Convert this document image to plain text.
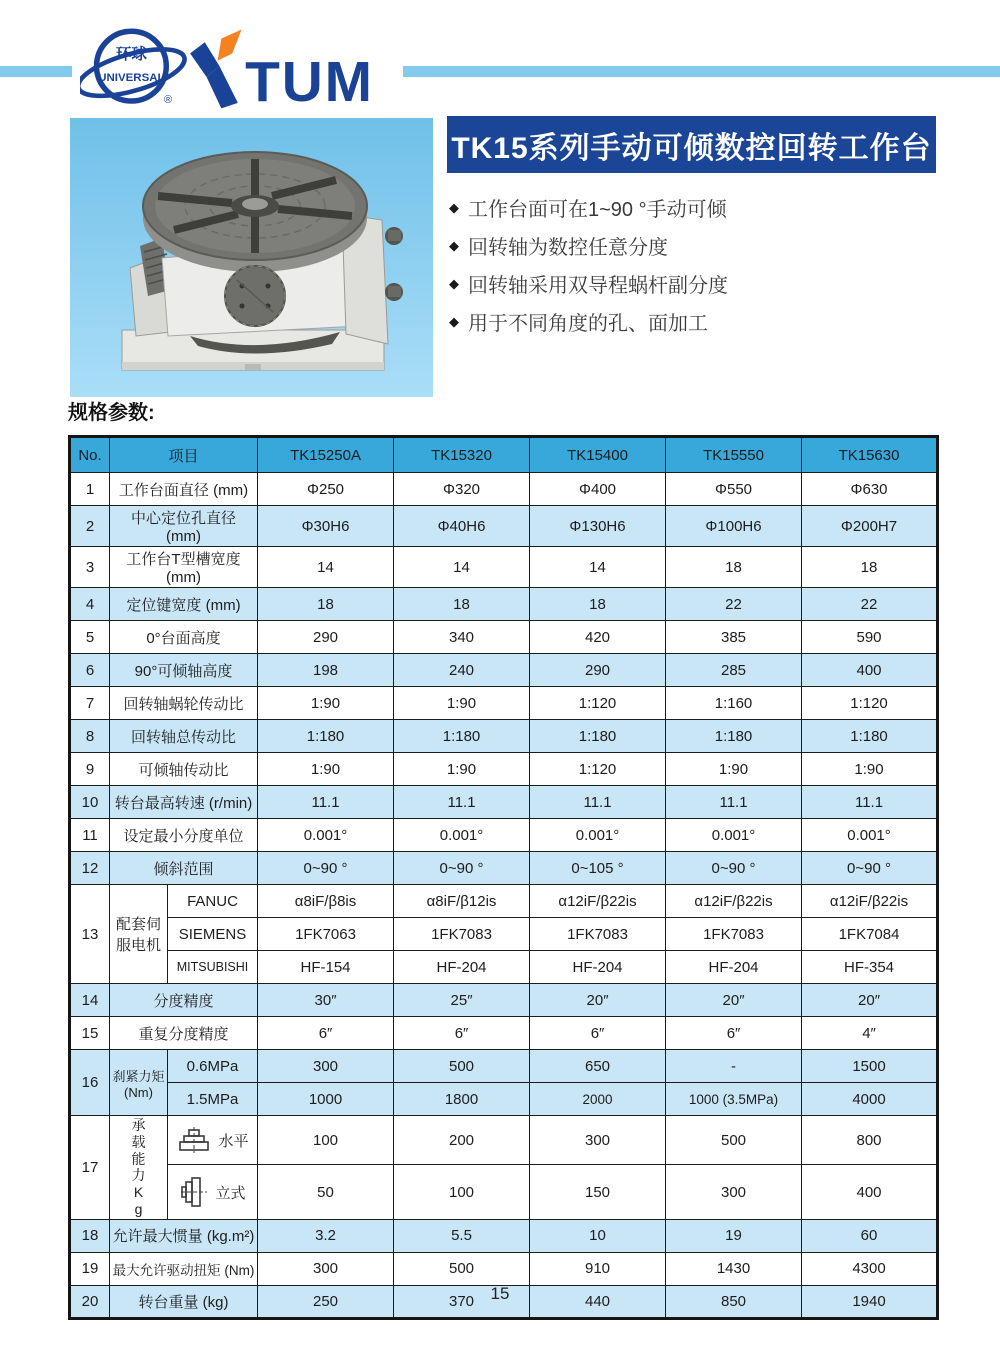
环球
UNIVERSAL
® TUM
TK15系列手动可倾数控回转工作台
◆ 工作台面可在1~90 °手动可倾
◆ 回转轴为数控任意分度
◆ 回转轴采用双导程蜗杆副分度
◆ 用于不同角度的孔、面加工
规格参数:
No.	项目		TK15250A	TK15320	TK15400	TK15550	TK15630
1	工作台面直径 (mm)		Φ250	Φ320	Φ400	Φ550	Φ630
2	中心定位孔直径 (mm)		Φ30H6	Φ40H6	Φ130H6	Φ100H6	Φ200H7
3	工作台T型槽宽度 (mm)		14	14	14	18	18
4	定位键宽度 (mm)		18	18	18	22	22
5	0°台面高度		290	340	420	385	590
6	90°可倾轴高度		198	240	290	285	400
7	回转轴蜗轮传动比		1:90	1:90	1:120	1:160	1:120
8	回转轴总传动比		1:180	1:180	1:180	1:180	1:180
9	可倾轴传动比		1:90	1:90	1:120	1:90	1:90
10	转台最高转速 (r/min)		11.1	11.1	11.1	11.1	11.1
11	设定最小分度单位		0.001°	0.001°	0.001°	0.001°	0.001°
12	倾斜范围		0~90 °	0~90 °	0~105 °	0~90 °	0~90 °
13	配套伺服电机	FANUC	α8iF/β8is	α8iF/β12is	α12iF/β22is	α12iF/β22is	α12iF/β22is
		SIEMENS	1FK7063	1FK7083	1FK7083	1FK7083	1FK7084
		MITSUBISHI	HF-154	HF-204	HF-204	HF-204	HF-354
14	分度精度		30″	25″	20″	20″	20″
15	重复分度精度		6″	6″	6″	6″	4″
16	刹紧力矩 (Nm)	0.6MPa	300	500	650	-	1500
		1.5MPa	1000	1800	2000	1000 (3.5MPa)	4000
17	承载能力Kg	水平	100	200	300	500	800

		立式	50	100	150	300	400
18	允许最大惯量 (kg.m²)		3.2	5.5	10	19	60
19	最大允许驱动扭矩 (Nm)		300	500	910	1430	4300
20	转台重量 (kg)		250	370	440	850	1940
15
